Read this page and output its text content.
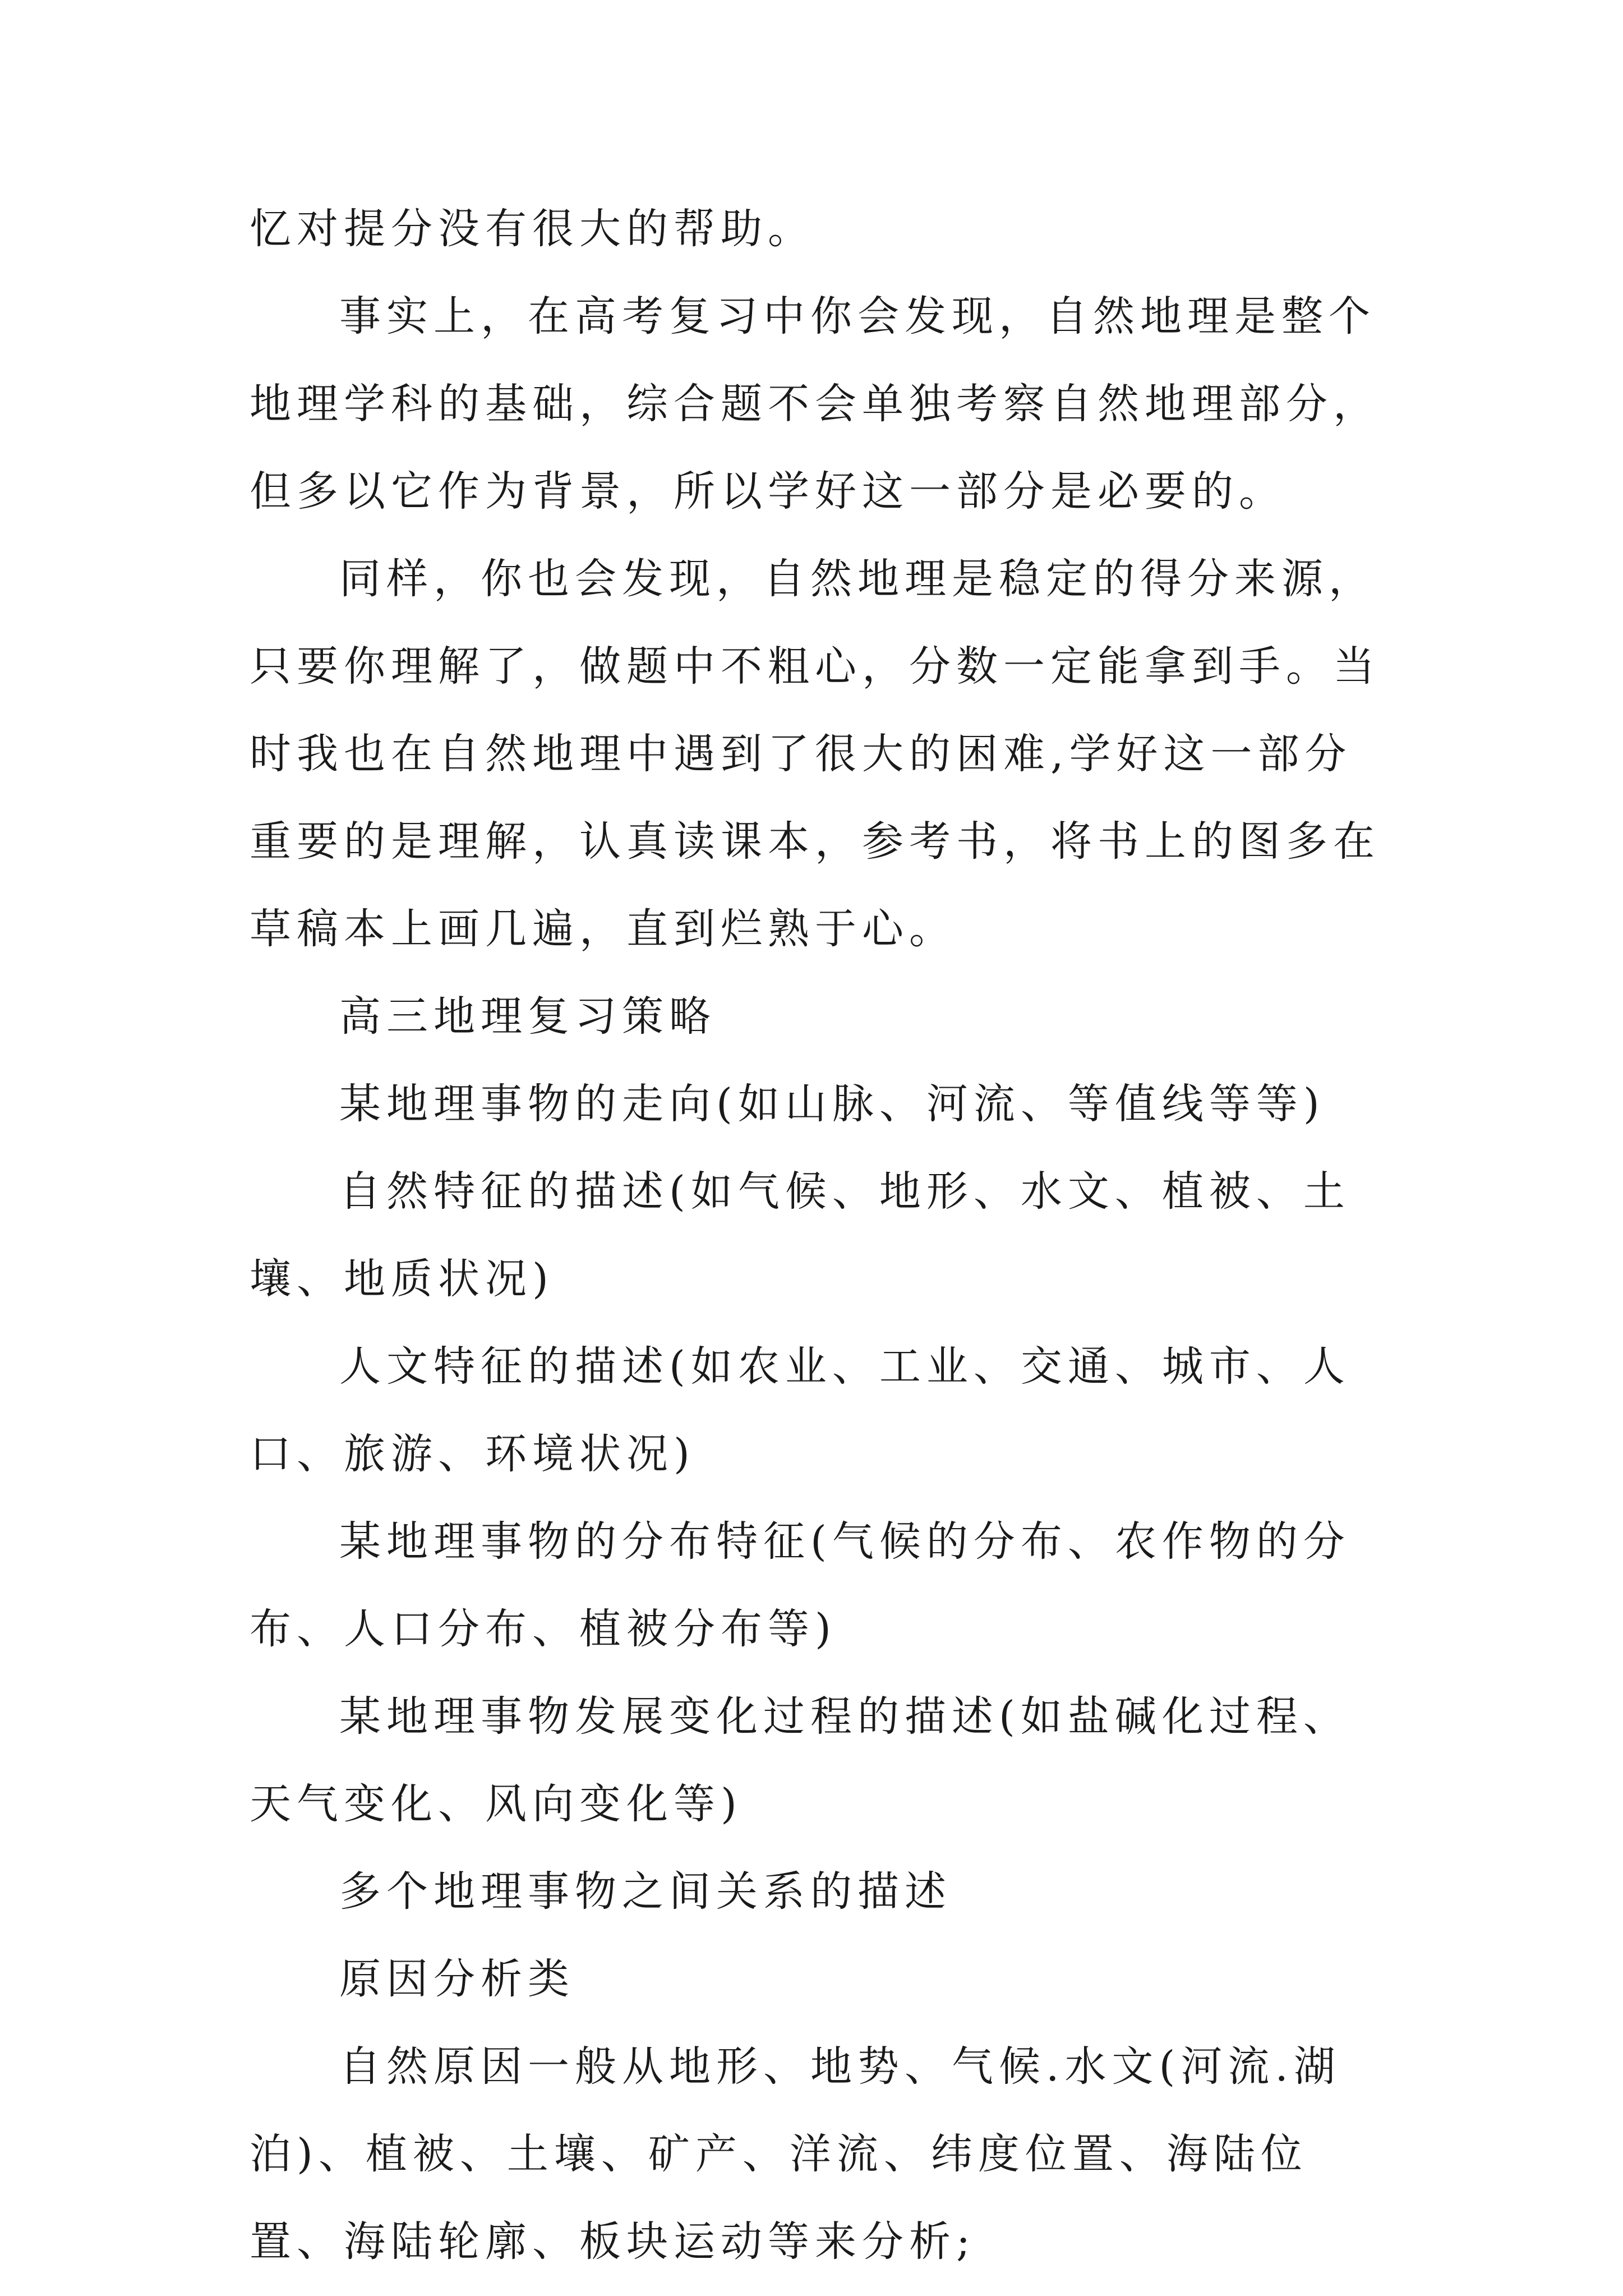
忆对提分没有很大的帮助。

事实上，在高考复习中你会发现，自然地理是整个地理学科的基础，综合题不会单独考察自然地理部分，但多以它作为背景，所以学好这一部分是必要的。

同样，你也会发现，自然地理是稳定的得分来源，只要你理解了，做题中不粗心，分数一定能拿到手。当时我也在自然地理中遇到了很大的困难,学好这一部分重要的是理解，认真读课本，参考书，将书上的图多在草稿本上画几遍，直到烂熟于心。

高三地理复习策略

某地理事物的走向(如山脉、河流、等值线等等)

自然特征的描述(如气候、地形、水文、植被、土壤、地质状况)

人文特征的描述(如农业、工业、交通、城市、人口、旅游、环境状况)

某地理事物的分布特征(气候的分布、农作物的分布、人口分布、植被分布等)

某地理事物发展变化过程的描述(如盐碱化过程、天气变化、风向变化等)

多个地理事物之间关系的描述

原因分析类

自然原因一般从地形、地势、气候.水文(河流.湖泊)、植被、土壤、矿产、洋流、纬度位置、海陆位置、海陆轮廓、板块运动等来分析;
